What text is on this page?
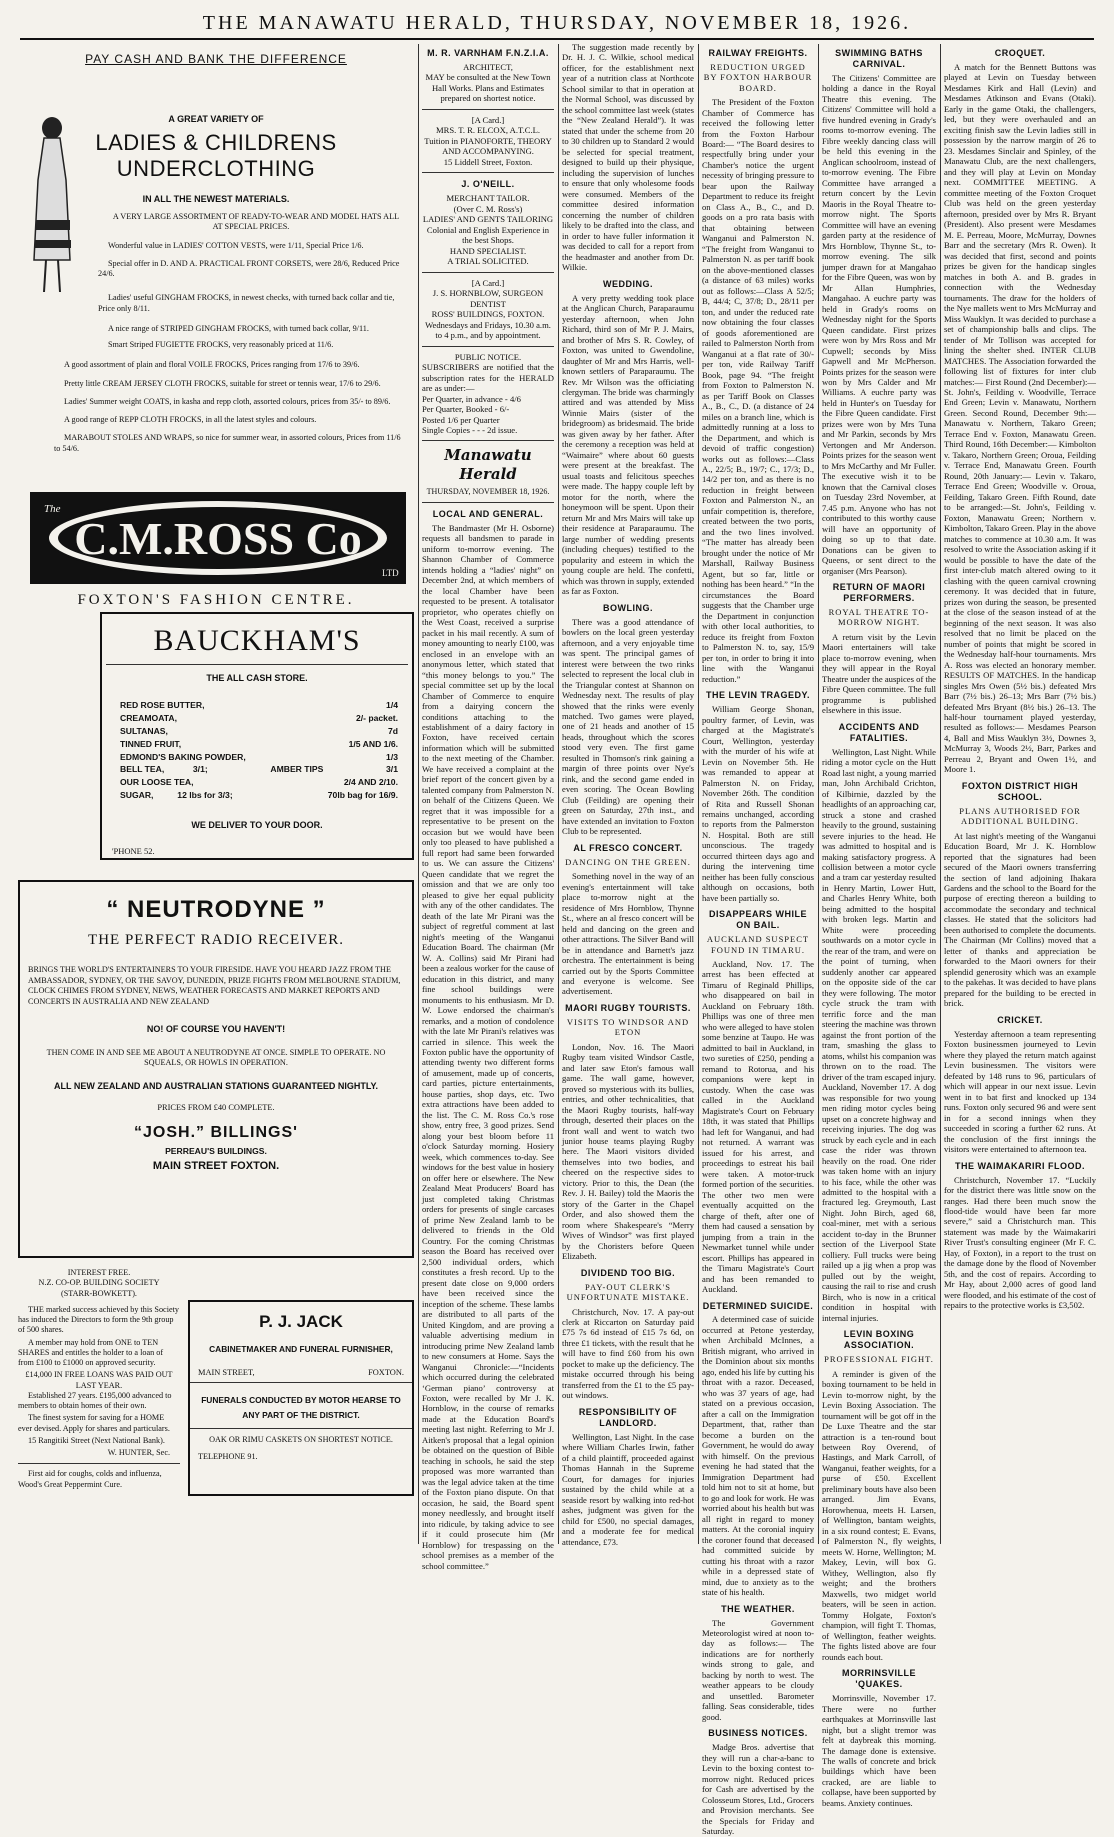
THE MANAWATU HERALD, THURSDAY, NOVEMBER 18, 1926.
PAY CASH AND BANK THE DIFFERENCE
A GREAT VARIETY OF
LADIES & CHILDRENS UNDERCLOTHING
IN ALL THE NEWEST MATERIALS.
A VERY LARGE ASSORTMENT OF READY-TO-WEAR AND MODEL HATS ALL AT SPECIAL PRICES.
Wonderful value in LADIES' COTTON VESTS, were 1/11, Special Price 1/6.
Special offer in D. AND A. PRACTICAL FRONT CORSETS, were 28/6, Reduced Price 24/6.
Ladies' useful GINGHAM FROCKS, in newest checks, with turned back collar and tie, Price only 8/11.
A nice range of STRIPED GINGHAM FROCKS, with turned back collar, 9/11.
Smart Striped FUGIETTE FROCKS, very reasonably priced at 11/6.
A good assortment of plain and floral VOILE FROCKS, Prices ranging from 17/6 to 39/6.
Pretty little CREAM JERSEY CLOTH FROCKS, suitable for street or tennis wear, 17/6 to 29/6.
Ladies' Summer weight COATS, in kasha and repp cloth, assorted colours, prices from 35/- to 89/6.
A good range of REPP CLOTH FROCKS, in all the latest styles and colours.
MARABOUT STOLES AND WRAPS, so nice for summer wear, in assorted colours, Prices from 11/6 to 54/6.
C.M.ROSS Co
The
LTD
FOXTON'S FASHION CENTRE.
BAUCKHAM'S
THE ALL CASH STORE.
RED ROSE BUTTER,	1/4
CREAMOATA,	2/- packet.
SULTANAS,	7d
TINNED FRUIT,	1/5 AND 1/6.
EDMOND'S BAKING POWDER,	1/3
BELL TEA,            3/1;	AMBER TIPS	3/1
OUR LOOSE TEA,	2/4 AND 2/10.
SUGAR,          12 lbs for 3/3;	70lb bag for 16/9.
WE DELIVER TO YOUR DOOR.
'PHONE 52.
“ NEUTRODYNE ”
THE PERFECT RADIO RECEIVER.
BRINGS THE WORLD'S ENTERTAINERS TO YOUR FIRESIDE. HAVE YOU HEARD JAZZ FROM THE AMBASSADOR, SYDNEY, OR THE SAVOY, DUNEDIN, PRIZE FIGHTS FROM MELBOURNE STADIUM, CLOCK CHIMES FROM SYDNEY, NEWS, WEATHER FORECASTS AND MARKET REPORTS AND CONCERTS IN AUSTRALIA AND NEW ZEALAND
NO! OF COURSE YOU HAVEN'T!
THEN COME IN AND SEE ME ABOUT A NEUTRODYNE AT ONCE. SIMPLE TO OPERATE. NO SQUEALS, OR HOWLS IN OPERATION.
ALL NEW ZEALAND AND AUSTRALIAN STATIONS GUARANTEED NIGHTLY.
PRICES FROM £40 COMPLETE.
“JOSH.” BILLINGS'
PERREAU'S BUILDINGS.
MAIN STREET FOXTON.
INTEREST FREE.
N.Z. CO-OP. BUILDING SOCIETY
(STARR-BOWKETT).
THE marked success achieved by this Society has induced the Directors to form the 9th group of 500 shares.
A member may hold from ONE to TEN SHARES and entitles the holder to a loan of from £100 to £1000 on approved security.
£14,000 IN FREE LOANS WAS PAID OUT LAST YEAR.
Established 27 years. £195,000 advanced to members to obtain homes of their own.
The finest system for saving for a HOME ever devised. Apply for shares and particulars.
15 Rangitiki Street (Next National Bank).
W. HUNTER, Sec.
First aid for coughs, colds and influenza, Wood's Great Peppermint Cure.
P. J. JACK
CABINETMAKER AND FUNERAL FURNISHER,
MAIN STREET,	FOXTON.
FUNERALS CONDUCTED BY MOTOR HEARSE TO ANY PART OF THE DISTRICT.
OAK OR RIMU CASKETS ON SHORTEST NOTICE.
TELEPHONE 91.
M. R. VARNHAM F.N.Z.I.A.
ARCHITECT,
MAY be consulted at the New Town Hall Works. Plans and Estimates prepared on shortest notice.
[A Card.]
MRS. T. R. ELCOX, A.T.C.L.
Tuition in PIANOFORTE, THEORY AND ACCOMPANYING.
15 Liddell Street, Foxton.
J. O'NEILL.
MERCHANT TAILOR.
(Over C. M. Ross's)
LADIES' AND GENTS TAILORING
Colonial and English Experience in the best Shops.
HAND SPECIALIST.
A TRIAL SOLICITED.
[A Card.]
J. S. HORNBLOW, SURGEON DENTIST
ROSS' BUILDINGS, FOXTON.
Wednesdays and Fridays, 10.30 a.m. to 4 p.m., and by appointment.
PUBLIC NOTICE.
SUBSCRIBERS are notified that the subscription rates for the HERALD are as under:—
Per Quarter, in advance - 4/6
Per Quarter, Booked - 6/-
Posted 1/6 per Quarter
Single Copies - - - 2d issue.
Manawatu Herald
THURSDAY, NOVEMBER 18, 1926.
LOCAL AND GENERAL.
The Bandmaster (Mr H. Osborne) requests all bandsmen to parade in uniform to-morrow evening. The Shannon Chamber of Commerce intends holding a “ladies' night” on December 2nd, at which members of the local Chamber have been requested to be present. A totalisator proprietor, who operates chiefly on the West Coast, received a surprise packet in his mail recently. A sum of money amounting to nearly £100, was enclosed in an envelope with an anonymous letter, which stated that “this money belongs to you.” The special committee set up by the local Chamber of Commerce to enquire from a dairying concern the conditions attaching to the establishment of a dairy factory in Foxton, have received certain information which will be submitted to the next meeting of the Chamber. We have received a complaint at the brief report of the concert given by a talented company from Palmerston N. on behalf of the Citizens Queen. We regret that it was impossible for a representative to be present on the occasion but we would have been only too pleased to have published a full report had same been forwarded to us. We can assure the Citizens' Queen candidate that we regret the omission and that we are only too pleased to give her equal publicity with any of the other candidates. The death of the late Mr Pirani was the subject of regretful comment at last night's meeting of the Wanganui Education Board. The chairman (Mr W. A. Collins) said Mr Pirani had been a zealous worker for the cause of education in this district, and many fine school buildings were monuments to his enthusiasm. Mr D. W. Lowe endorsed the chairman's remarks, and a motion of condolence with the late Mr Pirani's relatives was carried in silence. This week the Foxton public have the opportunity of attending twenty two different forms of amusement, made up of concerts, card parties, picture entertainments, house parties, shop days, etc. Two extra attractions have been added to the list. The C. M. Ross Co.'s rose show, entry free, 3 good prizes. Send along your best bloom before 11 o'clock Saturday morning. Hosiery week, which commences to-day. See windows for the best value in hosiery on offer here or elsewhere. The New Zealand Meat Producers' Board has just completed taking Christmas orders for presents of single carcases of prime New Zealand lamb to be delivered to friends in the Old Country. For the coming Christmas season the Board has received over 2,500 individual orders, which constitutes a fresh record. Up to the present date close on 9,000 orders have been received since the inception of the scheme. These lambs are distributed to all parts of the United Kingdom, and are proving a valuable advertising medium in introducing prime New Zealand lamb to new consumers at Home. Says the Wanganui Chronicle:—“Incidents which occurred during the celebrated ‘German piano’ controversy at Foxton, were recalled by Mr J. K. Hornblow, in the course of remarks made at the Education Board's meeting last night. Referring to Mr J. Aitken's proposal that a legal opinion be obtained on the question of Bible teaching in schools, he said the step proposed was more warranted than was the legal advice taken at the time of the Foxton piano dispute. On that occasion, he said, the Board spent money needlessly, and brought itself into ridicule, by taking advice to see if it could prosecute him (Mr Hornblow) for trespassing on the school premises as a member of the school committee.”
The suggestion made recently by Dr. H. J. C. Wilkie, school medical officer, for the establishment next year of a nutrition class at Northcote School similar to that in operation at the Normal School, was discussed by the school committee last week (states the “New Zealand Herald”). It was stated that under the scheme from 20 to 30 children up to Standard 2 would be selected for special treatment, designed to build up their physique, including the supervision of lunches to ensure that only wholesome foods were consumed. Members of the committee desired information concerning the number of children likely to be drafted into the class, and in order to have fuller information it was decided to call for a report from the headmaster and another from Dr. Wilkie.
WEDDING.
A very pretty wedding took place at the Anglican Church, Paraparaumu yesterday afternoon, when John Richard, third son of Mr P. J. Mairs, and brother of Mrs S. R. Cowley, of Foxton, was united to Gwendoline, daughter of Mr and Mrs Harris, well-known settlers of Paraparaumu. The Rev. Mr Wilson was the officiating clergyman. The bride was charmingly attired and was attended by Miss Winnie Mairs (sister of the bridegroom) as bridesmaid. The bride was given away by her father. After the ceremony a reception was held at “Waimaire” where about 60 guests were present at the breakfast. The usual toasts and felicitous speeches were made. The happy couple left by motor for the north, where the honeymoon will be spent. Upon their return Mr and Mrs Mairs will take up their residence at Paraparaumu. The large number of wedding presents (including cheques) testified to the popularity and esteem in which the young couple are held. The confetti, which was thrown in supply, extended as far as Foxton.
BOWLING.
There was a good attendance of bowlers on the local green yesterday afternoon, and a very enjoyable time was spent. The principal games of interest were between the two rinks selected to represent the local club in the Triangular contest at Shannon on Wednesday next. The results of play showed that the rinks were evenly matched. Two games were played, one of 21 heads and another of 15 heads, throughout which the scores stood very even. The first game resulted in Thomson's rink gaining a margin of three points over Nye's rink, and the second game ended in even scoring. The Ocean Bowling Club (Feilding) are opening their green on Saturday, 27th inst., and have extended an invitation to Foxton Club to be represented.
AL FRESCO CONCERT.
DANCING ON THE GREEN.
Something novel in the way of an evening's entertainment will take place to-morrow night at the residence of Mrs Hornblow, Thynne St., where an al fresco concert will be held and dancing on the green and other attractions. The Silver Band will be in attendance and Barnett's jazz orchestra. The entertainment is being carried out by the Sports Committee and everyone is welcome. See advertisement.
MAORI RUGBY TOURISTS.
VISITS TO WINDSOR AND ETON
London, Nov. 16. The Maori Rugby team visited Windsor Castle, and later saw Eton's famous wall game. The wall game, however, proved so mysterious with its bullies, entries, and other technicalities, that the Maori Rugby tourists, half-way through, deserted their places on the front wall and went to watch two junior house teams playing Rugby here. The Maori visitors divided themselves into two bodies, and cheered on the respective sides to victory. Prior to this, the Dean (the Rev. J. H. Bailey) told the Maoris the story of the Garter in the Chapel Order, and also showed them the room where Shakespeare's “Merry Wives of Windsor” was first played by the Choristers before Queen Elizabeth.
DIVIDEND TOO BIG.
PAY-OUT CLERK'S UNFORTUNATE MISTAKE.
Christchurch, Nov. 17. A pay-out clerk at Riccarton on Saturday paid £75 7s 6d instead of £15 7s 6d, on three £1 tickets, with the result that he will have to find £60 from his own pocket to make up the deficiency. The mistake occurred through his being transferred from the £1 to the £5 pay-out windows.
RESPONSIBILITY OF LANDLORD.
Wellington, Last Night. In the case where William Charles Irwin, father of a child plaintiff, proceeded against Thomas Hannah in the Supreme Court, for damages for injuries sustained by the child while at a seaside resort by walking into red-hot ashes, judgment was given for the child for £500, no special damages, and a moderate fee for medical attendance, £73.
RAILWAY FREIGHTS.
REDUCTION URGED BY FOXTON HARBOUR BOARD.
The President of the Foxton Chamber of Commerce has received the following letter from the Foxton Harbour Board:— “The Board desires to respectfully bring under your Chamber's notice the urgent necessity of bringing pressure to bear upon the Railway Department to reduce its freight on Class A., B., C., and D. goods on a pro rata basis with that obtaining between Wanganui and Palmerston N. “The freight from Wanganui to Palmerston N. as per tariff book on the above-mentioned classes (a distance of 63 miles) works out as follows:—Class A 52/5; B, 44/4; C, 37/8; D., 28/11 per ton, and under the reduced rate now obtaining the four classes of goods aforementioned are railed to Palmerston North from Wanganui at a flat rate of 30/- per ton, vide Railway Tariff Book, page 94. “The freight from Foxton to Palmerston N. as per Tariff Book on Classes A., B., C., D. (a distance of 24 miles on a branch line, which is admittedly running at a loss to the Department, and which is devoid of traffic congestion) works out as follows:—Class A., 22/5; B., 19/7; C., 17/3; D., 14/2 per ton, and as there is no reduction in freight between Foxton and Palmerston N., an unfair competition is, therefore, created between the two ports, and the two lines involved. “The matter has already been brought under the notice of Mr Marshall, Railway Business Agent, but so far, little or nothing has been heard.” “In the circumstances the Board suggests that the Chamber urge the Department in conjunction with other local authorities, to reduce its freight from Foxton to Palmerston N. to, say, 15/9 per ton, in order to bring it into line with the Wanganui reduction.”
THE LEVIN TRAGEDY.
William George Shonan, poultry farmer, of Levin, was charged at the Magistrate's Court, Wellington, yesterday with the murder of his wife at Levin on November 5th. He was remanded to appear at Palmerston N. on Friday, November 26th. The condition of Rita and Russell Shonan remains unchanged, according to reports from the Palmerston N. Hospital. Both are still unconscious. The tragedy occurred thirteen days ago and during the intervening time neither has been fully conscious although on occasions, both have been partially so.
DISAPPEARS WHILE ON BAIL.
AUCKLAND SUSPECT FOUND IN TIMARU.
Auckland, Nov. 17. The arrest has been effected at Timaru of Reginald Phillips, who disappeared on bail in Auckland on February 18th. Phillips was one of three men who were alleged to have stolen some benzine at Taupo. He was admitted to bail in Auckland, in two sureties of £250, pending a remand to Rotorua, and his companions were kept in custody. When the case was called in the Auckland Magistrate's Court on February 18th, it was stated that Phillips had left for Wanganui, and had not returned. A warrant was issued for his arrest, and proceedings to estreat his bail were taken. A motor-truck formed portion of the securities. The other two men were eventually acquitted on the charge of theft, after one of them had caused a sensation by jumping from a train in the Newmarket tunnel while under escort. Phillips has appeared in the Timaru Magistrate's Court and has been remanded to Auckland.
DETERMINED SUICIDE.
A determined case of suicide occurred at Petone yesterday, when Archibald McInnes, a British migrant, who arrived in the Dominion about six months ago, ended his life by cutting his throat with a razor. Deceased, who was 37 years of age, had stated on a previous occasion, after a call on the Immigration Department, that, rather than become a burden on the Government, he would do away with himself. On the previous evening he had stated that the Immigration Department had told him not to sit at home, but to go and look for work. He was worried about his health but was all right in regard to money matters. At the coronial inquiry the coroner found that deceased had committed suicide by cutting his throat with a razor while in a depressed state of mind, due to anxiety as to the state of his health.
THE WEATHER.
The Government Meteorologist wired at noon to-day as follows:— The indications are for northerly winds strong to gale, and backing by north to west. The weather appears to be cloudy and unsettled. Barometer falling. Seas considerable, tides good.
BUSINESS NOTICES.
Madge Bros. advertise that they will run a char-a-banc to Levin to the boxing contest to-morrow night. Reduced prices for Cash are advertised by the Colosseum Stores, Ltd., Grocers and Provision merchants. See the Specials for Friday and Saturday.
SWIMMING BATHS CARNIVAL.
The Citizens' Committee are holding a dance in the Royal Theatre this evening. The Citizens' Committee will hold a five hundred evening in Grady's rooms to-morrow evening. The Fibre weekly dancing class will be held this evening in the Anglican schoolroom, instead of to-morrow evening. The Fibre Committee have arranged a return concert by the Levin Maoris in the Royal Theatre to-morrow night. The Sports Committee will have an evening garden party at the residence of Mrs Hornblow, Thynne St., to-morrow evening. The silk jumper drawn for at Mangahao for the Fibre Queen, was won by Mr Allan Humphries, Mangahao. A euchre party was held in Grady's rooms on Wednesday night for the Sports Queen candidate. First prizes were won by Mrs Ross and Mr Cupwell; seconds by Miss Gapwell and Mr McPherson. Points prizes for the season were won by Mrs Calder and Mr Williams. A euchre party was held in Hunter's on Tuesday for the Fibre Queen candidate. First prizes were won by Mrs Tuna and Mr Parkin, seconds by Mrs Vertongen and Mr Anderson. Points prizes for the season went to Mrs McCarthy and Mr Fuller. The executive wish it to be known that the Carnival closes on Tuesday 23rd November, at 7.45 p.m. Anyone who has not contributed to this worthy cause will have an opportunity of doing so up to that date. Donations can be given to Queens, or sent direct to the organiser (Mrs Pearson).
RETURN OF MAORI PERFORMERS.
ROYAL THEATRE TO-MORROW NIGHT.
A return visit by the Levin Maori entertainers will take place to-morrow evening, when they will appear in the Royal Theatre under the auspices of the Fibre Queen committee. The full programme is published elsewhere in this issue.
ACCIDENTS AND FATALITIES.
Wellington, Last Night. While riding a motor cycle on the Hutt Road last night, a young married man, John Archibald Crichton, of Kilbirnie, dazzled by the headlights of an approaching car, struck a stone and crashed heavily to the ground, sustaining severe injuries to the head. He was admitted to hospital and is making satisfactory progress. A collision between a motor cycle and a tram car yesterday resulted in Henry Martin, Lower Hutt, and Charles Henry White, both being admitted to the hospital with broken legs. Martin and White were proceeding southwards on a motor cycle in the rear of the tram, and were on the point of turning, when suddenly another car appeared on the opposite side of the car they were following. The motor cycle struck the tram with terrific force and the man steering the machine was thrown against the front portion of the tram, smashing the glass to atoms, whilst his companion was thrown on to the road. The driver of the tram escaped injury. Auckland, November 17. A dog was responsible for two young men riding motor cycles being upset on a concrete highway and receiving injuries. The dog was struck by each cycle and in each case the rider was thrown heavily on the road. One rider was taken home with an injury to his face, while the other was admitted to the hospital with a fractured leg. Greymouth, Last Night. John Birch, aged 68, coal-miner, met with a serious accident to-day in the Brunner section of the Liverpool State colliery. Full trucks were being railed up a jig when a prop was pulled out by the weight, causing the rail to rise and crush Birch, who is now in a critical condition in hospital with internal injuries.
LEVIN BOXING ASSOCIATION.
PROFESSIONAL FIGHT.
A reminder is given of the boxing tournament to be held in Levin to-morrow night, by the Levin Boxing Association. The tournament will be got off in the De Luxe Theatre and the star attraction is a ten-round bout between Roy Overend, of Hastings, and Mark Carroll, of Wanganui, feather weights, for a purse of £50. Excellent preliminary bouts have also been arranged. Jim Evans, Horowhenua, meets H. Larsen, of Wellington, bantam weights, in a six round contest; E. Evans, of Palmerston N., fly weights, meets W. Horne, Wellington; M. Makey, Levin, will box G. Withey, Wellington, also fly weight; and the brothers Maxwells, two midget world beaters, will be seen in action. Tommy Holgate, Foxton's champion, will fight T. Thomas, of Wellington, feather weights. The fights listed above are four rounds each bout.
MORRINSVILLE 'QUAKES.
Morrinsville, November 17. There were no further earthquakes at Morrinsville last night, but a slight tremor was felt at daybreak this morning. The damage done is extensive. The walls of concrete and brick buildings which have been cracked, are are liable to collapse, have been supported by beams. Anxiety continues.
CROQUET.
A match for the Bennett Buttons was played at Levin on Tuesday between Mesdames Kirk and Hall (Levin) and Mesdames Atkinson and Evans (Otaki). Early in the game Otaki, the challengers, led, but they were overhauled and an exciting finish saw the Levin ladies still in possession by the narrow margin of 26 to 23. Mesdames Sinclair and Spinley, of the Manawatu Club, are the next challengers, and they will play at Levin on Monday next. COMMITTEE MEETING. A committee meeting of the Foxton Croquet Club was held on the green yesterday afternoon, presided over by Mrs R. Bryant (President). Also present were Mesdames M. E. Perreau, Moore, McMurray, Downes Barr and the secretary (Mrs R. Owen). It was decided that first, second and points prizes be given for the handicap singles matches in both A. and B. grades in connection with the Wednesday tournaments. The draw for the holders of the Nye mallets went to Mrs McMurray and Miss Wauklyn. It was decided to purchase a set of championship balls and clips. The tender of Mr Tollison was accepted for lining the shelter shed. INTER CLUB MATCHES. The Association forwarded the following list of fixtures for inter club matches:— First Round (2nd December):— St. John's, Feilding v. Woodville, Terrace End Green; Levin v. Manawatu, Northern Green. Second Round, December 9th:— Manawatu v. Northern, Takaro Green; Terrace End v. Foxton, Manawatu Green. Third Round, 16th December:— Kimbolton v. Takaro, Northern Green; Oroua, Feilding v. Terrace End, Manawatu Green. Fourth Round, 20th January:— Levin v. Takaro, Terrace End Green; Woodville v. Oroua, Feilding, Takaro Green. Fifth Round, date to be arranged:—St. John's, Feilding v. Foxton, Manawatu Green; Northern v. Kimbolton, Takaro Green. Play in the above matches to commence at 10.30 a.m. It was resolved to write the Association asking if it would be possible to have the date of the first inter-club match altered owing to it clashing with the queen carnival crowning ceremony. It was decided that in future, prizes won during the season, be presented at the close of the season instead of at the beginning of the next season. It was also resolved that no limit be placed on the number of points that might be scored in the Wednesday half-hour tournaments. Mrs A. Ross was elected an honorary member. RESULTS OF MATCHES. In the handicap singles Mrs Owen (5½ bis.) defeated Mrs Barr (7½ bis.) 26–13; Mrs Barr (7½ bis.) defeated Mrs Bryant (8½ bis.) 26–13. The half-hour tournament played yesterday, resulted as follows:— Mesdames Pearson 4, Ball and Miss Wauklyn 3½, Downes 3, McMurray 3, Woods 2½, Barr, Parkes and Perreau 2, Bryant and Owen 1½, and Moore 1.
FOXTON DISTRICT HIGH SCHOOL.
PLANS AUTHORISED FOR ADDITIONAL BUILDING.
At last night's meeting of the Wanganui Education Board, Mr J. K. Hornblow reported that the signatures had been secured of the Maori owners transferring the section of land adjoining Ihakara Gardens and the school to the Board for the purpose of erecting thereon a building to accommodate the secondary and technical classes. He stated that the solicitors had been authorised to complete the documents. The Chairman (Mr Collins) moved that a letter of thanks and appreciation be forwarded to the Maori owners for their splendid generosity which was an example to the pakehas. It was decided to have plans prepared for the building to be erected in brick.
CRICKET.
Yesterday afternoon a team representing Foxton businessmen journeyed to Levin where they played the return match against Levin businessmen. The visitors were defeated by 148 runs to 96, particulars of which will appear in our next issue. Levin went in to bat first and knocked up 134 runs. Foxton only secured 96 and were sent in for a second innings when they succeeded in scoring a further 62 runs. At the conclusion of the first innings the visitors were entertained to afternoon tea.
THE WAIMAKARIRI FLOOD.
Christchurch, November 17. “Luckily for the district there was little snow on the ranges. Had there been much snow the flood-tide would have been far more severe,” said a Christchurch man. This statement was made by the Waimakariri River Trust's consulting engineer (Mr F. C. Hay, of Foxton), in a report to the trust on the damage done by the flood of November 5th, and the cost of repairs. According to Mr Hay, about 2,000 acres of good land were flooded, and his estimate of the cost of repairs to the protective works is £3,502.
